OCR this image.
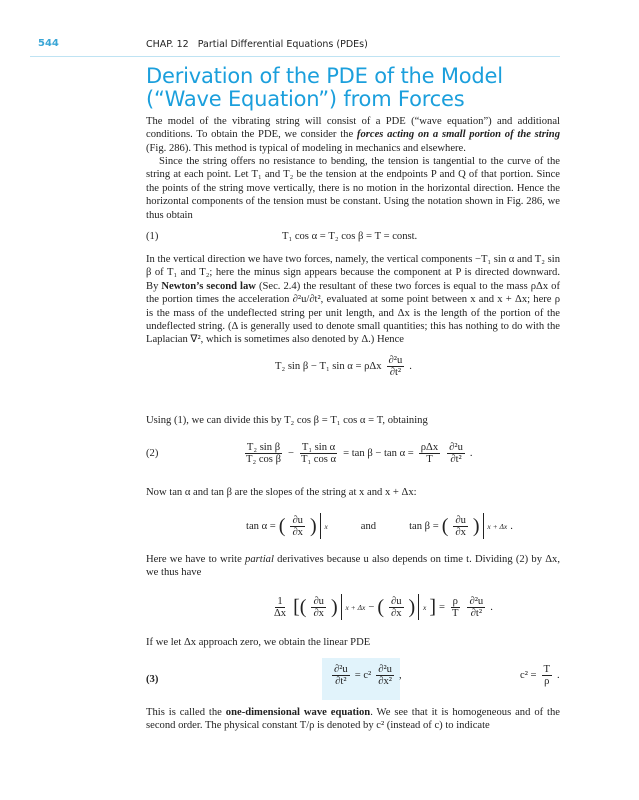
544	CHAP. 12   Partial Differential Equations (PDEs)
Derivation of the PDE of the Model
(“Wave Equation”) from Forces
The model of the vibrating string will consist of a PDE (“wave equation”) and additional conditions. To obtain the PDE, we consider the forces acting on a small portion of the string (Fig. 286). This method is typical of modeling in mechanics and elsewhere.
Since the string offers no resistance to bending, the tension is tangential to the curve of the string at each point. Let T₁ and T₂ be the tension at the endpoints P and Q of that portion. Since the points of the string move vertically, there is no motion in the horizontal direction. Hence the horizontal components of the tension must be constant. Using the notation shown in Fig. 286, we thus obtain
(1)	T₁ cos α = T₂ cos β = T = const.
In the vertical direction we have two forces, namely, the vertical components −T₁ sin α and T₂ sin β of T₁ and T₂; here the minus sign appears because the component at P is directed downward. By Newton’s second law (Sec. 2.4) the resultant of these two forces is equal to the mass ρΔx of the portion times the acceleration ∂²u/∂t², evaluated at some point between x and x + Δx; here ρ is the mass of the undeflected string per unit length, and Δx is the length of the portion of the undeflected string. (Δ is generally used to denote small quantities; this has nothing to do with the Laplacian ∇², which is sometimes also denoted by Δ.) Hence
T₂ sin β − T₁ sin α = ρΔx $\frac{\text{∂²u}}{\text{∂t²}}$ .
Using (1), we can divide this by T₂ cos β = T₁ cos α = T, obtaining
(2)	$\frac{\text{T₂ sin β}}{\text{T₂ cos β}} - \frac{\text{T₁ sin α}}{\text{T₁ cos α}} = \tan \beta - \tan \alpha = \frac{\text{ρΔx}}{T} \frac{\text{∂²u}}{\text{∂t²}}$ .
Now tan α and tan β are the slopes of the string at x and x + Δx:
tan α = ( $\frac{\partial u}{\partial x}$ ) x	and	tan β = ( $\frac{\partial u}{\partial x}$ ) x + Δx .
Here we have to write partial derivatives because u also depends on time t. Dividing (2) by Δx, we thus have
$\frac{1}{\Delta x}$ [( $\frac{\partial u}{\partial x}$ ) x + Δx − ( $\frac{\partial u}{\partial x}$ ) x ] = $\frac{\rho}{T} \frac{\text{∂²u}}{\text{∂t²}}$ .
If we let Δx approach zero, we obtain the linear PDE
(3)	$\frac{\text{∂²u}}{\text{∂t²}} = c^2 \frac{\text{∂²u}}{\text{∂x²}}$ ,	$c^2 = \frac{T}{\rho}$ .
This is called the one-dimensional wave equation. We see that it is homogeneous and of the second order. The physical constant T/ρ is denoted by c² (instead of c) to indicate
